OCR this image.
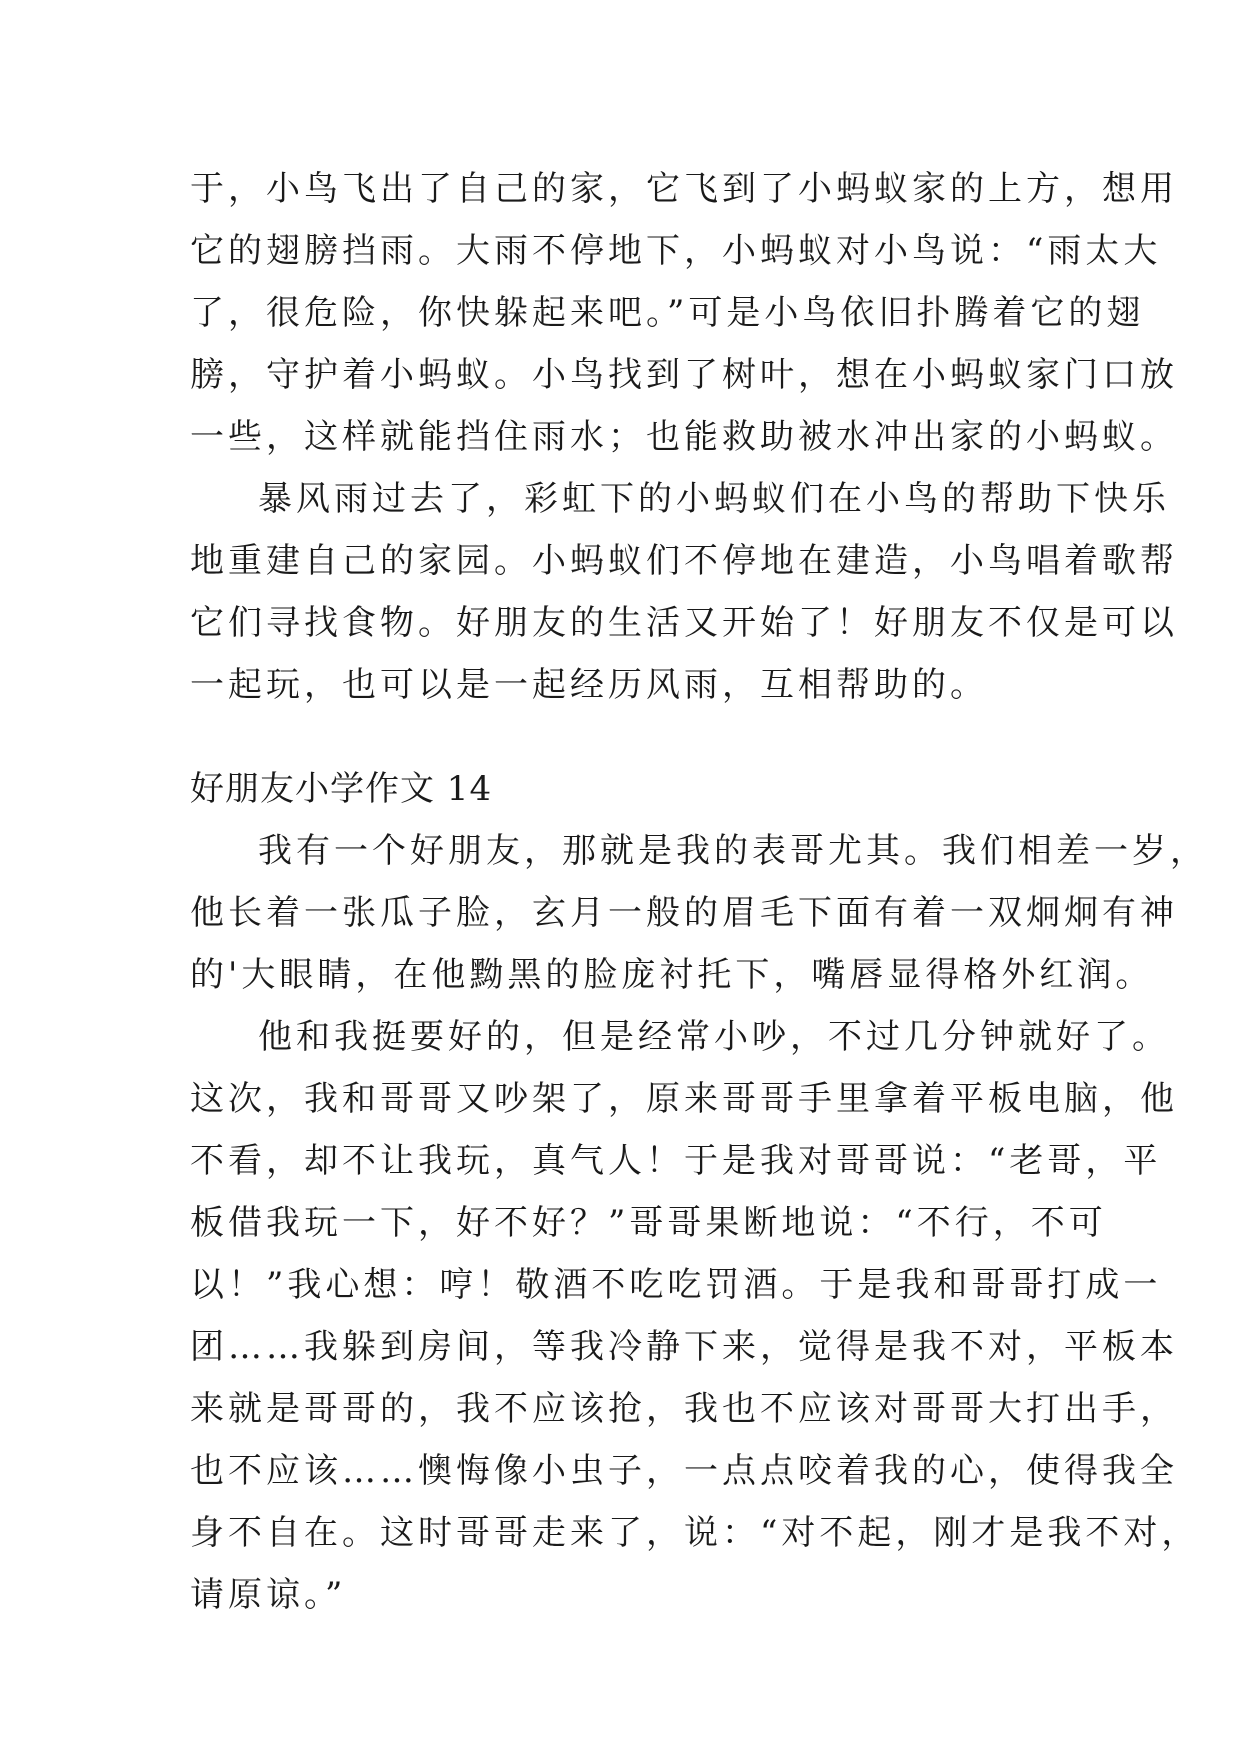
于，小鸟飞出了自己的家，它飞到了小蚂蚁家的上方，想用
它的翅膀挡雨。大雨不停地下，小蚂蚁对小鸟说：“雨太大
了，很危险，你快躲起来吧。”可是小鸟依旧扑腾着它的翅
膀，守护着小蚂蚁。小鸟找到了树叶，想在小蚂蚁家门口放
一些，这样就能挡住雨水；也能救助被水冲出家的小蚂蚁。
暴风雨过去了，彩虹下的小蚂蚁们在小鸟的帮助下快乐
地重建自己的家园。小蚂蚁们不停地在建造，小鸟唱着歌帮
它们寻找食物。好朋友的生活又开始了！好朋友不仅是可以
一起玩，也可以是一起经历风雨，互相帮助的。
好朋友小学作文 14
我有一个好朋友，那就是我的表哥尤其。我们相差一岁，
他长着一张瓜子脸，玄月一般的眉毛下面有着一双炯炯有神
的'大眼睛，在他黝黑的脸庞衬托下，嘴唇显得格外红润。
他和我挺要好的，但是经常小吵，不过几分钟就好了。
这次，我和哥哥又吵架了，原来哥哥手里拿着平板电脑，他
不看，却不让我玩，真气人！于是我对哥哥说：“老哥，平
板借我玩一下，好不好？”哥哥果断地说：“不行，不可
以！”我心想：哼！敬酒不吃吃罚酒。于是我和哥哥打成一
团……我躲到房间，等我冷静下来，觉得是我不对，平板本
来就是哥哥的，我不应该抢，我也不应该对哥哥大打出手，
也不应该……懊悔像小虫子，一点点咬着我的心，使得我全
身不自在。这时哥哥走来了，说：“对不起，刚才是我不对，
请原谅。”
